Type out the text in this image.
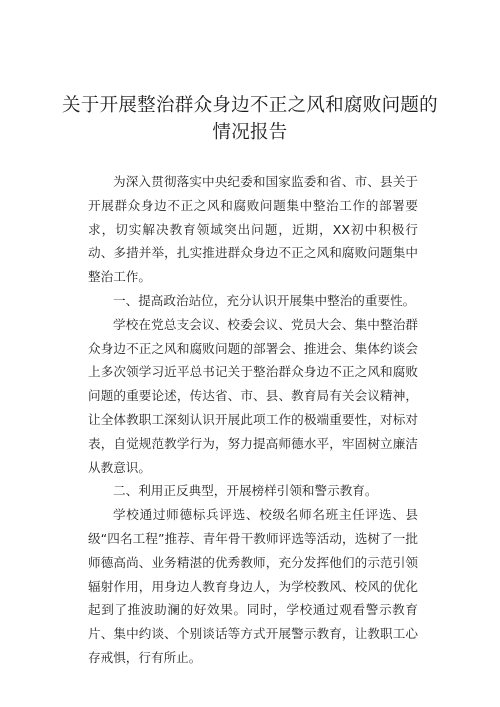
关于开展整治群众身边不正之风和腐败问题的情况报告

为深入贯彻落实中央纪委和国家监委和省、市、县关于开展群众身边不正之风和腐败问题集中整治工作的部署要求，切实解决教育领域突出问题，近期，XX初中积极行动、多措并举，扎实推进群众身边不正之风和腐败问题集中整治工作。

一、提高政治站位，充分认识开展集中整治的重要性。

学校在党总支会议、校委会议、党员大会、集中整治群众身边不正之风和腐败问题的部署会、推进会、集体约谈会上多次领学习近平总书记关于整治群众身边不正之风和腐败问题的重要论述，传达省、市、县、教育局有关会议精神，让全体教职工深刻认识开展此项工作的极端重要性，对标对表，自觉规范教学行为，努力提高师德水平，牢固树立廉洁从教意识。

二、利用正反典型，开展榜样引领和警示教育。

学校通过师德标兵评选、校级名师名班主任评选、县级“四名工程”推荐、青年骨干教师评选等活动，选树了一批师德高尚、业务精湛的优秀教师，充分发挥他们的示范引领辐射作用，用身边人教育身边人，为学校教风、校风的优化起到了推波助澜的好效果。同时，学校通过观看警示教育片、集中约谈、个别谈话等方式开展警示教育，让教职工心存戒惧，行有所止。
